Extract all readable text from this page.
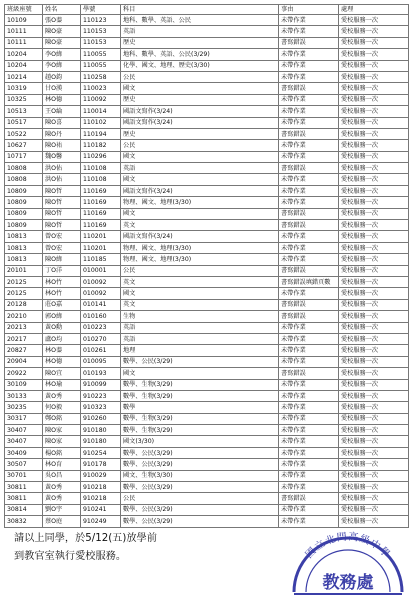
班級座號	姓名	學號	科目	事由	處理
10109	張O蓁	110123	地科、數學、英語、公民	未帶作業	愛校服務一次
10111	陳O豪	110153	英語	未帶作業	愛校服務一次
10111	陳O豪	110153	歷史	書寫錯誤	愛校服務一次
10204	李O緯	110055	地科、數學、英語、公民(3/29)	未帶作業	愛校服務一次
10204	李O緯	110055	化學、國文、地理、歷史(3/30)	未帶作業	愛校服務一次
10214	趙O鈞	110258	公民	未帶作業	愛校服務一次
10319	甘O漢	110023	國文	書寫錯誤	愛校服務一次
10325	林O德	110092	歷史	未帶作業	愛校服務一次
10513	王O綸	110014	國語文寫作(3/24)	未帶作業	愛校服務一次
10517	陳O喜	110102	國語文寫作(3/24)	未帶作業	愛校服務一次
10522	陳O丹	110194	歷史	書寫錯誤	愛校服務一次
10627	陳O祐	110182	公民	未帶作業	愛校服務一次
10717	魏O馨	110296	國文	未帶作業	愛校服務一次
10808	洪O佑	110108	英語	書寫錯誤	愛校服務一次
10808	洪O佑	110108	國文	未帶作業	愛校服務一次
10809	陳O哲	110169	國語文寫作(3/24)	未帶作業	愛校服務一次
10809	陳O哲	110169	物理、國文、地理(3/30)	未帶作業	愛校服務一次
10809	陳O哲	110169	國文	書寫錯誤	愛校服務一次
10809	陳O哲	110169	英文	書寫錯誤	愛校服務一次
10813	曾O宏	110201	國語文寫作(3/24)	未帶作業	愛校服務一次
10813	曾O宏	110201	物理、國文、地理(3/30)	未帶作業	愛校服務一次
10813	陳O緯	110185	物理、國文、地理(3/30)	未帶作業	愛校服務一次
20101	丁O洋	010001	公民	書寫錯誤	愛校服務一次
20125	林O竹	010092	英文	書寫錯誤填錯頁數	愛校服務一次
20125	林O竹	010092	國文	未帶作業	愛校服務一次
20128	莊O嘉	010141	英文	書寫錯誤	愛校服務一次
20210	郭O緯	010160	生物	書寫錯誤	愛校服務一次
20213	黃O勳	010223	英語	未帶作業	愛校服務一次
20217	盧O均	010270	英語	未帶作業	愛校服務一次
20827	林O蓁	010261	地理	未帶作業	愛校服務一次
20904	林O德	010095	數學、公民(3/29)	未帶作業	愛校服務一次
20922	陳O宜	010193	國文	書寫錯誤	愛校服務一次
30109	林O瑜	910099	數學、生物(3/29)	未帶作業	愛校服務一次
30133	黃O秀	910223	數學、生物(3/29)	未帶作業	愛校服務一次
30235	何O毅	910323	數學	未帶作業	愛校服務一次
30317	鄭O銘	910260	數學、生物(3/29)	未帶作業	愛校服務一次
30407	陳O家	910180	數學、生物(3/29)	未帶作業	愛校服務一次
30407	陳O家	910180	國文(3/30)	未帶作業	愛校服務一次
30409	楊O銘	910254	數學、公民(3/29)	未帶作業	愛校服務一次
30507	林O育	910178	數學、公民(3/29)	未帶作業	愛校服務一次
30701	吳O昌	910029	國文、生物(3/30)	未帶作業	愛校服務一次
30811	黃O秀	910218	數學、公民(3/29)	未帶作業	愛校服務一次
30811	黃O秀	910218	公民	書寫錯誤	愛校服務一次
30814	劉O宇	910241	數學、公民(3/29)	未帶作業	愛校服務一次
30832	蔡O庭	910249	數學、公民(3/29)	未帶作業	愛校服務一次
請以上同學，於5/12(五)放學前
到教官室執行愛校服務。	國立北門高級中學
教務處
